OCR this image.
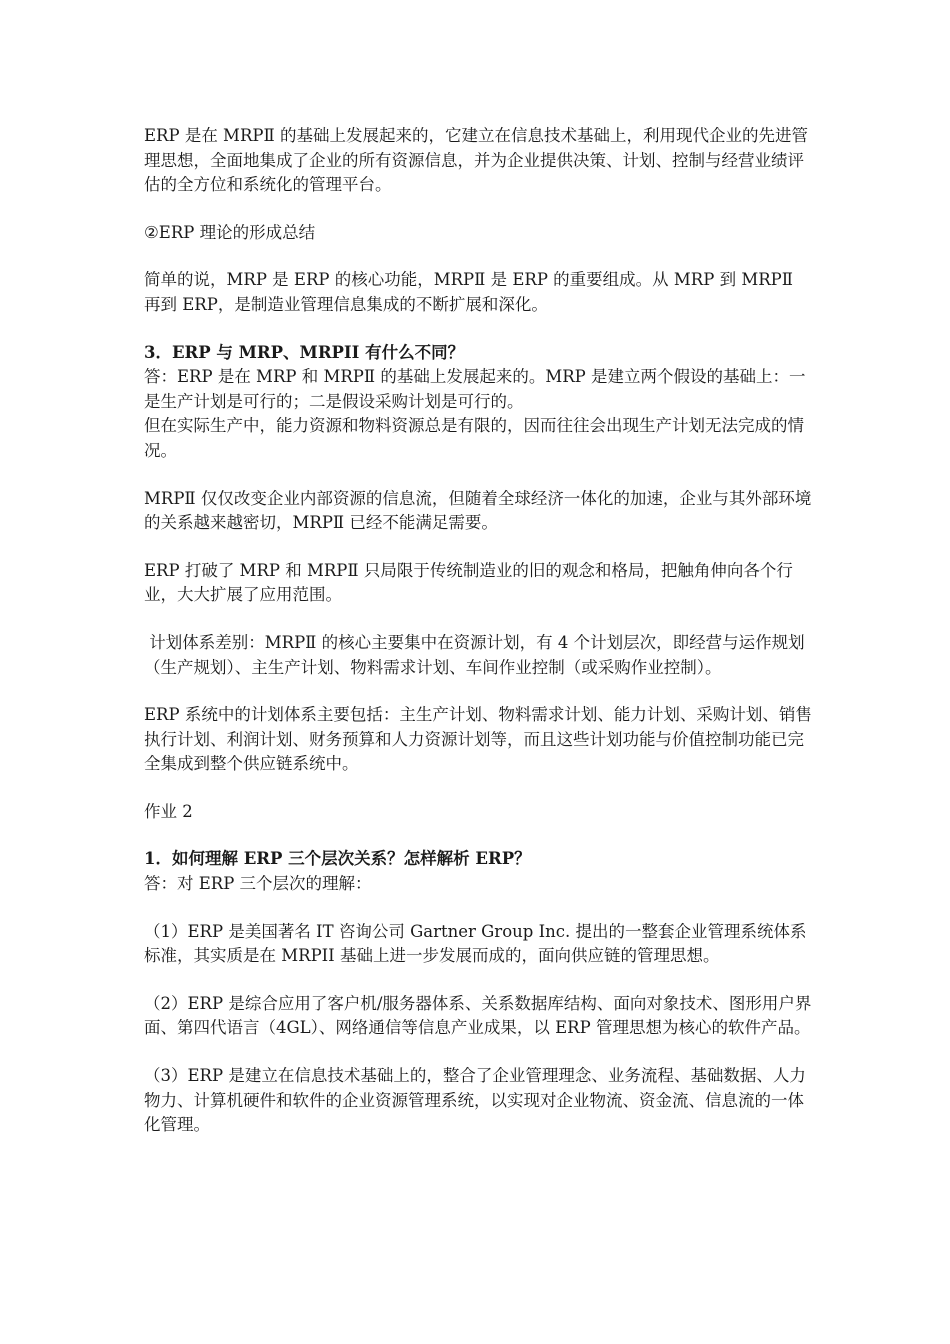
ERP 是在 MRPⅡ 的基础上发展起来的，它建立在信息技术基础上，利用现代企业的先进管理思想，全面地集成了企业的所有资源信息，并为企业提供决策、计划、控制与经营业绩评估的全方位和系统化的管理平台。

②ERP 理论的形成总结

简单的说，MRP 是 ERP 的核心功能，MRPⅡ 是 ERP 的重要组成。从 MRP 到 MRPⅡ 再到 ERP，是制造业管理信息集成的不断扩展和深化。

3．ERP 与 MRP、MRPII 有什么不同？

答：ERP 是在 MRP 和 MRPⅡ 的基础上发展起来的。MRP 是建立两个假设的基础上：一是生产计划是可行的；二是假设采购计划是可行的。

但在实际生产中，能力资源和物料资源总是有限的，因而往往会出现生产计划无法完成的情况。

MRPⅡ 仅仅改变企业内部资源的信息流，但随着全球经济一体化的加速，企业与其外部环境的关系越来越密切，MRPⅡ 已经不能满足需要。

ERP 打破了 MRP 和 MRPⅡ 只局限于传统制造业的旧的观念和格局，把触角伸向各个行业，大大扩展了应用范围。

计划体系差别：MRPⅡ 的核心主要集中在资源计划，有 4 个计划层次，即经营与运作规划（生产规划）、主生产计划、物料需求计划、车间作业控制（或采购作业控制）。

ERP 系统中的计划体系主要包括：主生产计划、物料需求计划、能力计划、采购计划、销售执行计划、利润计划、财务预算和人力资源计划等，而且这些计划功能与价值控制功能已完全集成到整个供应链系统中。

作业 2

1．如何理解 ERP 三个层次关系？怎样解析 ERP？

答：对 ERP 三个层次的理解：

（1）ERP 是美国著名 IT 咨询公司 Gartner Group Inc. 提出的一整套企业管理系统体系标准，其实质是在 MRPII 基础上进一步发展而成的，面向供应链的管理思想。

（2）ERP 是综合应用了客户机/服务器体系、关系数据库结构、面向对象技术、图形用户界面、第四代语言（4GL）、网络通信等信息产业成果，以 ERP 管理思想为核心的软件产品。

（3）ERP 是建立在信息技术基础上的，整合了企业管理理念、业务流程、基础数据、人力物力、计算机硬件和软件的企业资源管理系统，以实现对企业物流、资金流、信息流的一体化管理。
